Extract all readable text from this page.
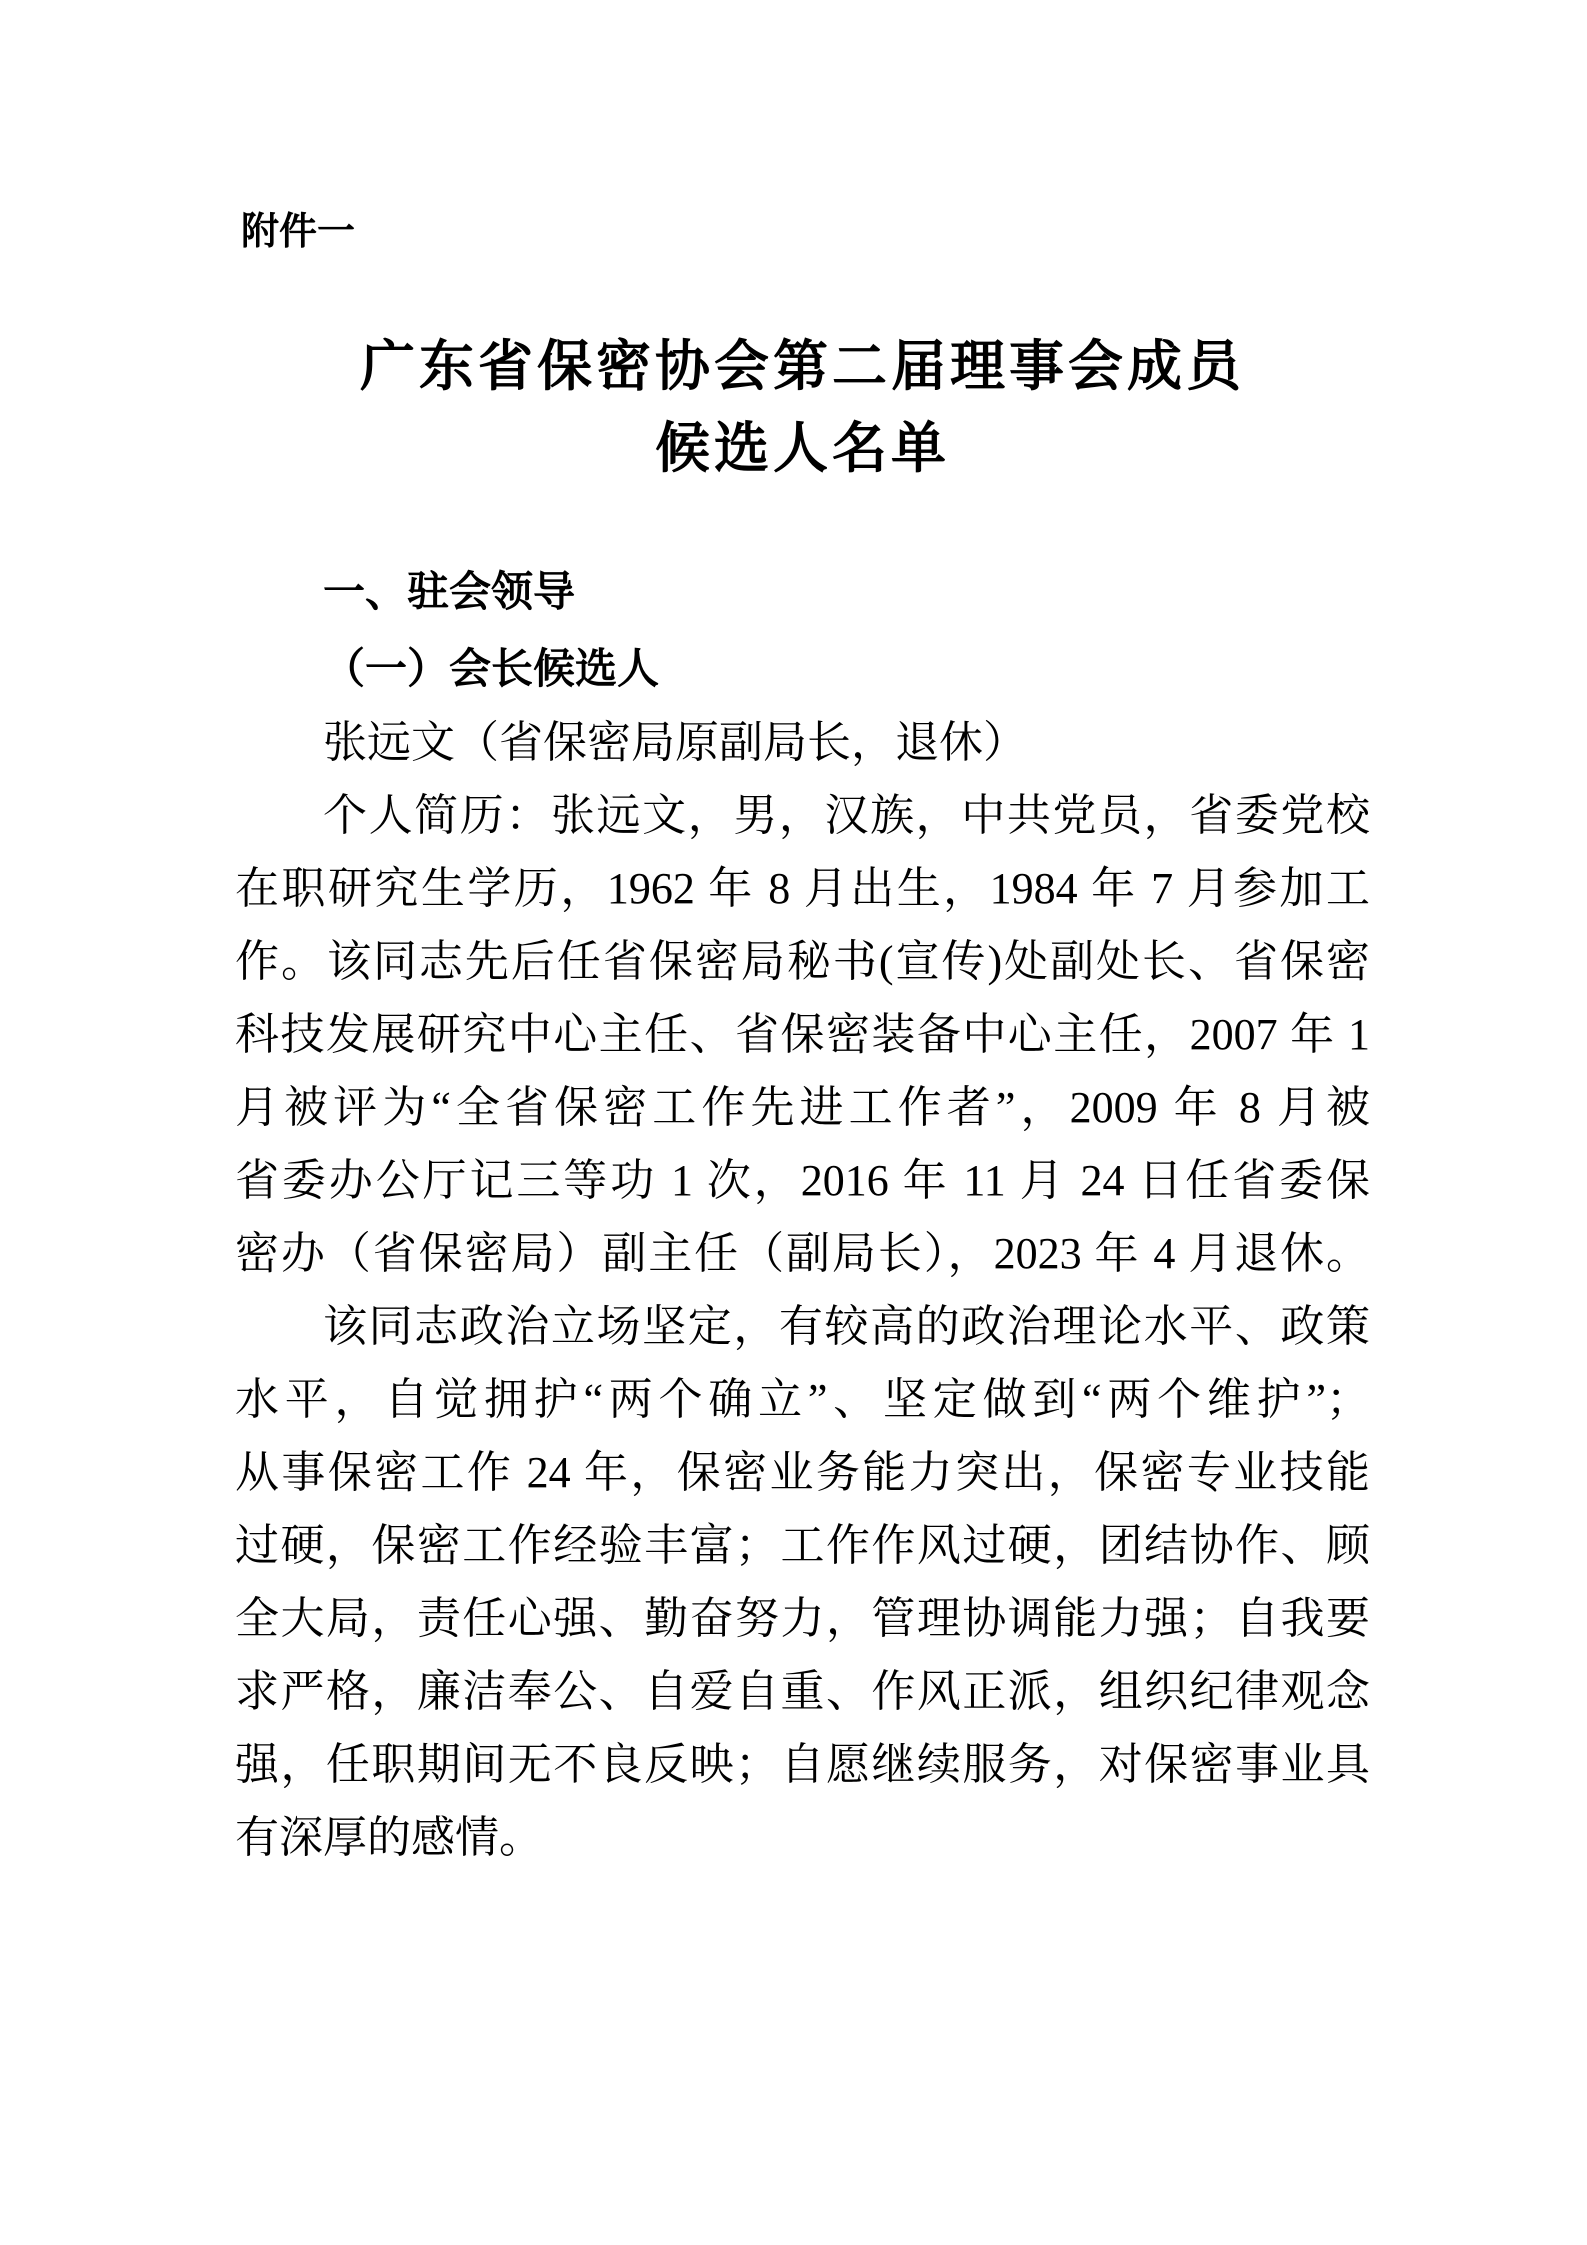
附件一
广东省保密协会第二届理事会成员
候选人名单
一、驻会领导
（一）会长候选人
张远文（省保密局原副局长，退休）
个人简历：张远文，男，汉族，中共党员，省委党校
在职研究生学历，1962 年 8 月出生，1984 年 7 月参加工
作。该同志先后任省保密局秘书(宣传)处副处长、省保密
科技发展研究中心主任、省保密装备中心主任，2007 年 1
月被评为“全省保密工作先进工作者”，2009 年 8 月被
省委办公厅记三等功 1 次，2016 年 11 月 24 日任省委保
密办（省保密局）副主任（副局长），2023 年 4 月退休。
该同志政治立场坚定，有较高的政治理论水平、政策
水平，自觉拥护“两个确立”、坚定做到“两个维护”；
从事保密工作 24 年，保密业务能力突出，保密专业技能
过硬，保密工作经验丰富；工作作风过硬，团结协作、顾
全大局，责任心强、勤奋努力，管理协调能力强；自我要
求严格，廉洁奉公、自爱自重、作风正派，组织纪律观念
强，任职期间无不良反映；自愿继续服务，对保密事业具
有深厚的感情。
